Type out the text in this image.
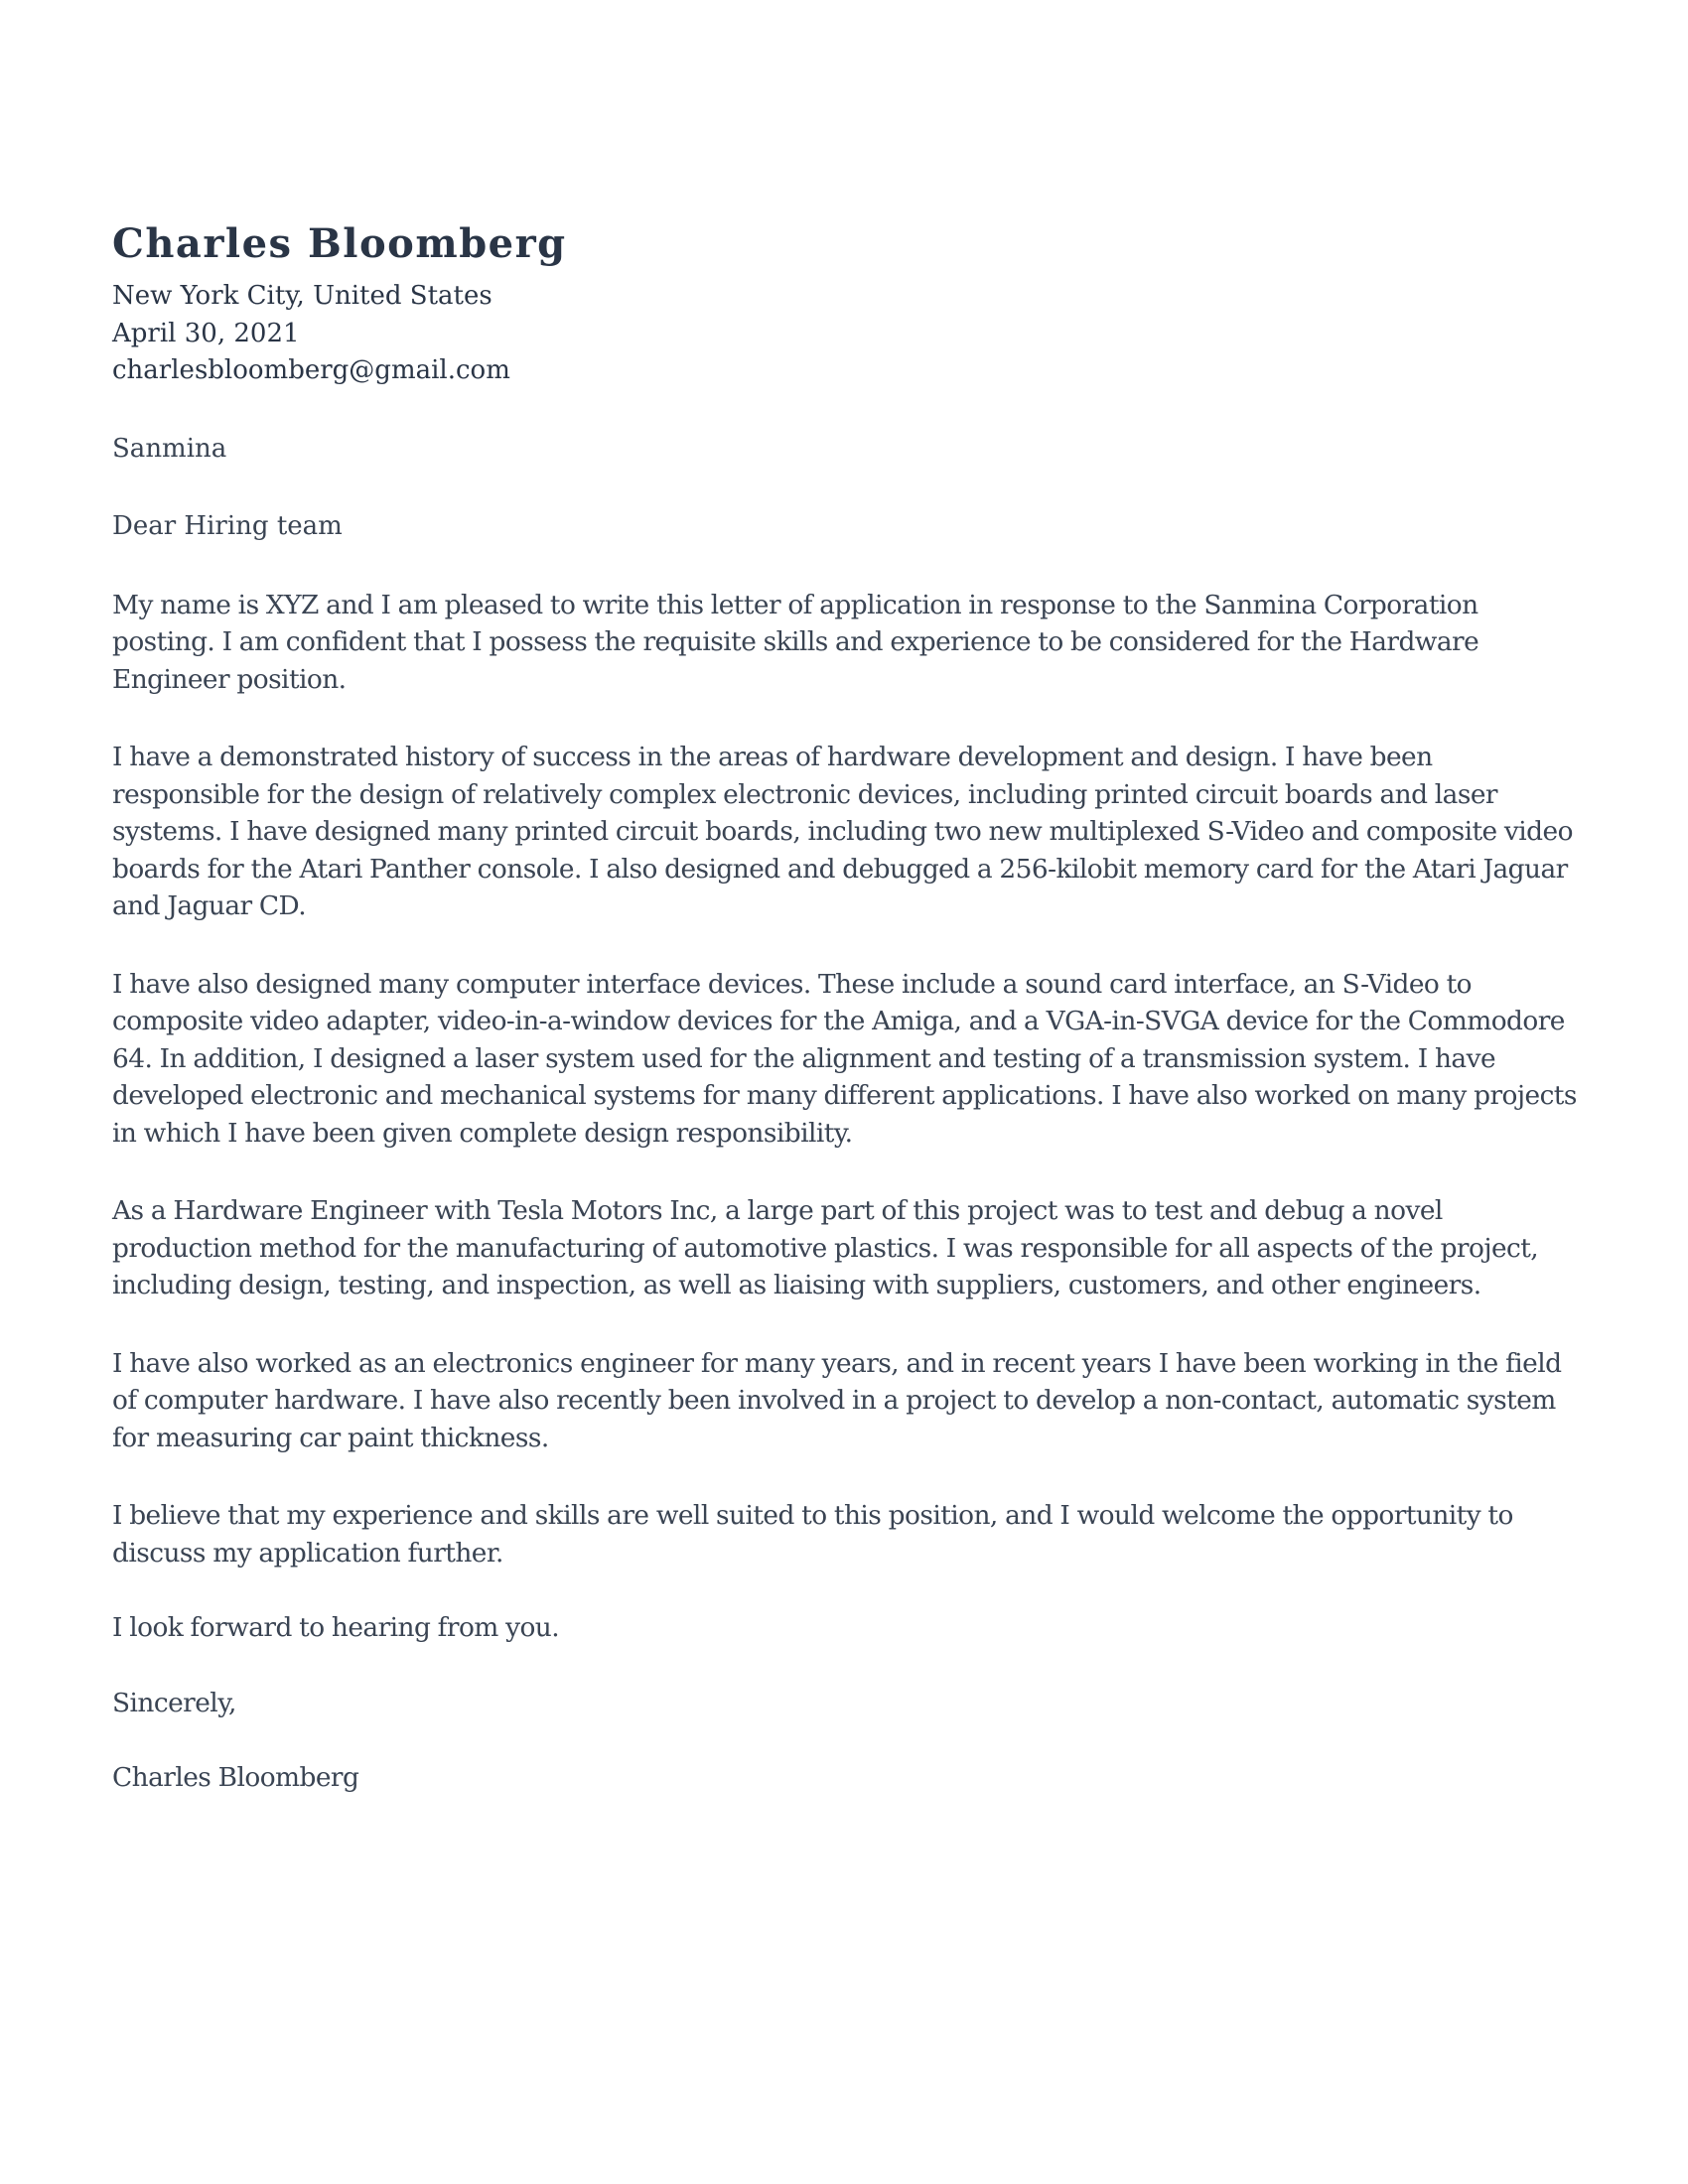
Charles Bloomberg
New York City, United States
April 30, 2021
charlesbloomberg@gmail.com
Sanmina
Dear Hiring team
My name is XYZ and I am pleased to write this letter of application in response to the Sanmina Corporation posting. I am confident that I possess the requisite skills and experience to be considered for the Hardware Engineer position.
I have a demonstrated history of success in the areas of hardware development and design. I have been responsible for the design of relatively complex electronic devices, including printed circuit boards and laser systems. I have designed many printed circuit boards, including two new multiplexed S-Video and composite video boards for the Atari Panther console. I also designed and debugged a 256-kilobit memory card for the Atari Jaguar and Jaguar CD.
I have also designed many computer interface devices. These include a sound card interface, an S-Video to composite video adapter, video-in-a-window devices for the Amiga, and a VGA-in-SVGA device for the Commodore 64. In addition, I designed a laser system used for the alignment and testing of a transmission system. I have developed electronic and mechanical systems for many different applications. I have also worked on many projects in which I have been given complete design responsibility.
As a Hardware Engineer with Tesla Motors Inc, a large part of this project was to test and debug a novel production method for the manufacturing of automotive plastics. I was responsible for all aspects of the project, including design, testing, and inspection, as well as liaising with suppliers, customers, and other engineers.
I have also worked as an electronics engineer for many years, and in recent years I have been working in the field of computer hardware. I have also recently been involved in a project to develop a non-contact, automatic system for measuring car paint thickness.
I believe that my experience and skills are well suited to this position, and I would welcome the opportunity to discuss my application further.
I look forward to hearing from you.
Sincerely,
Charles Bloomberg
